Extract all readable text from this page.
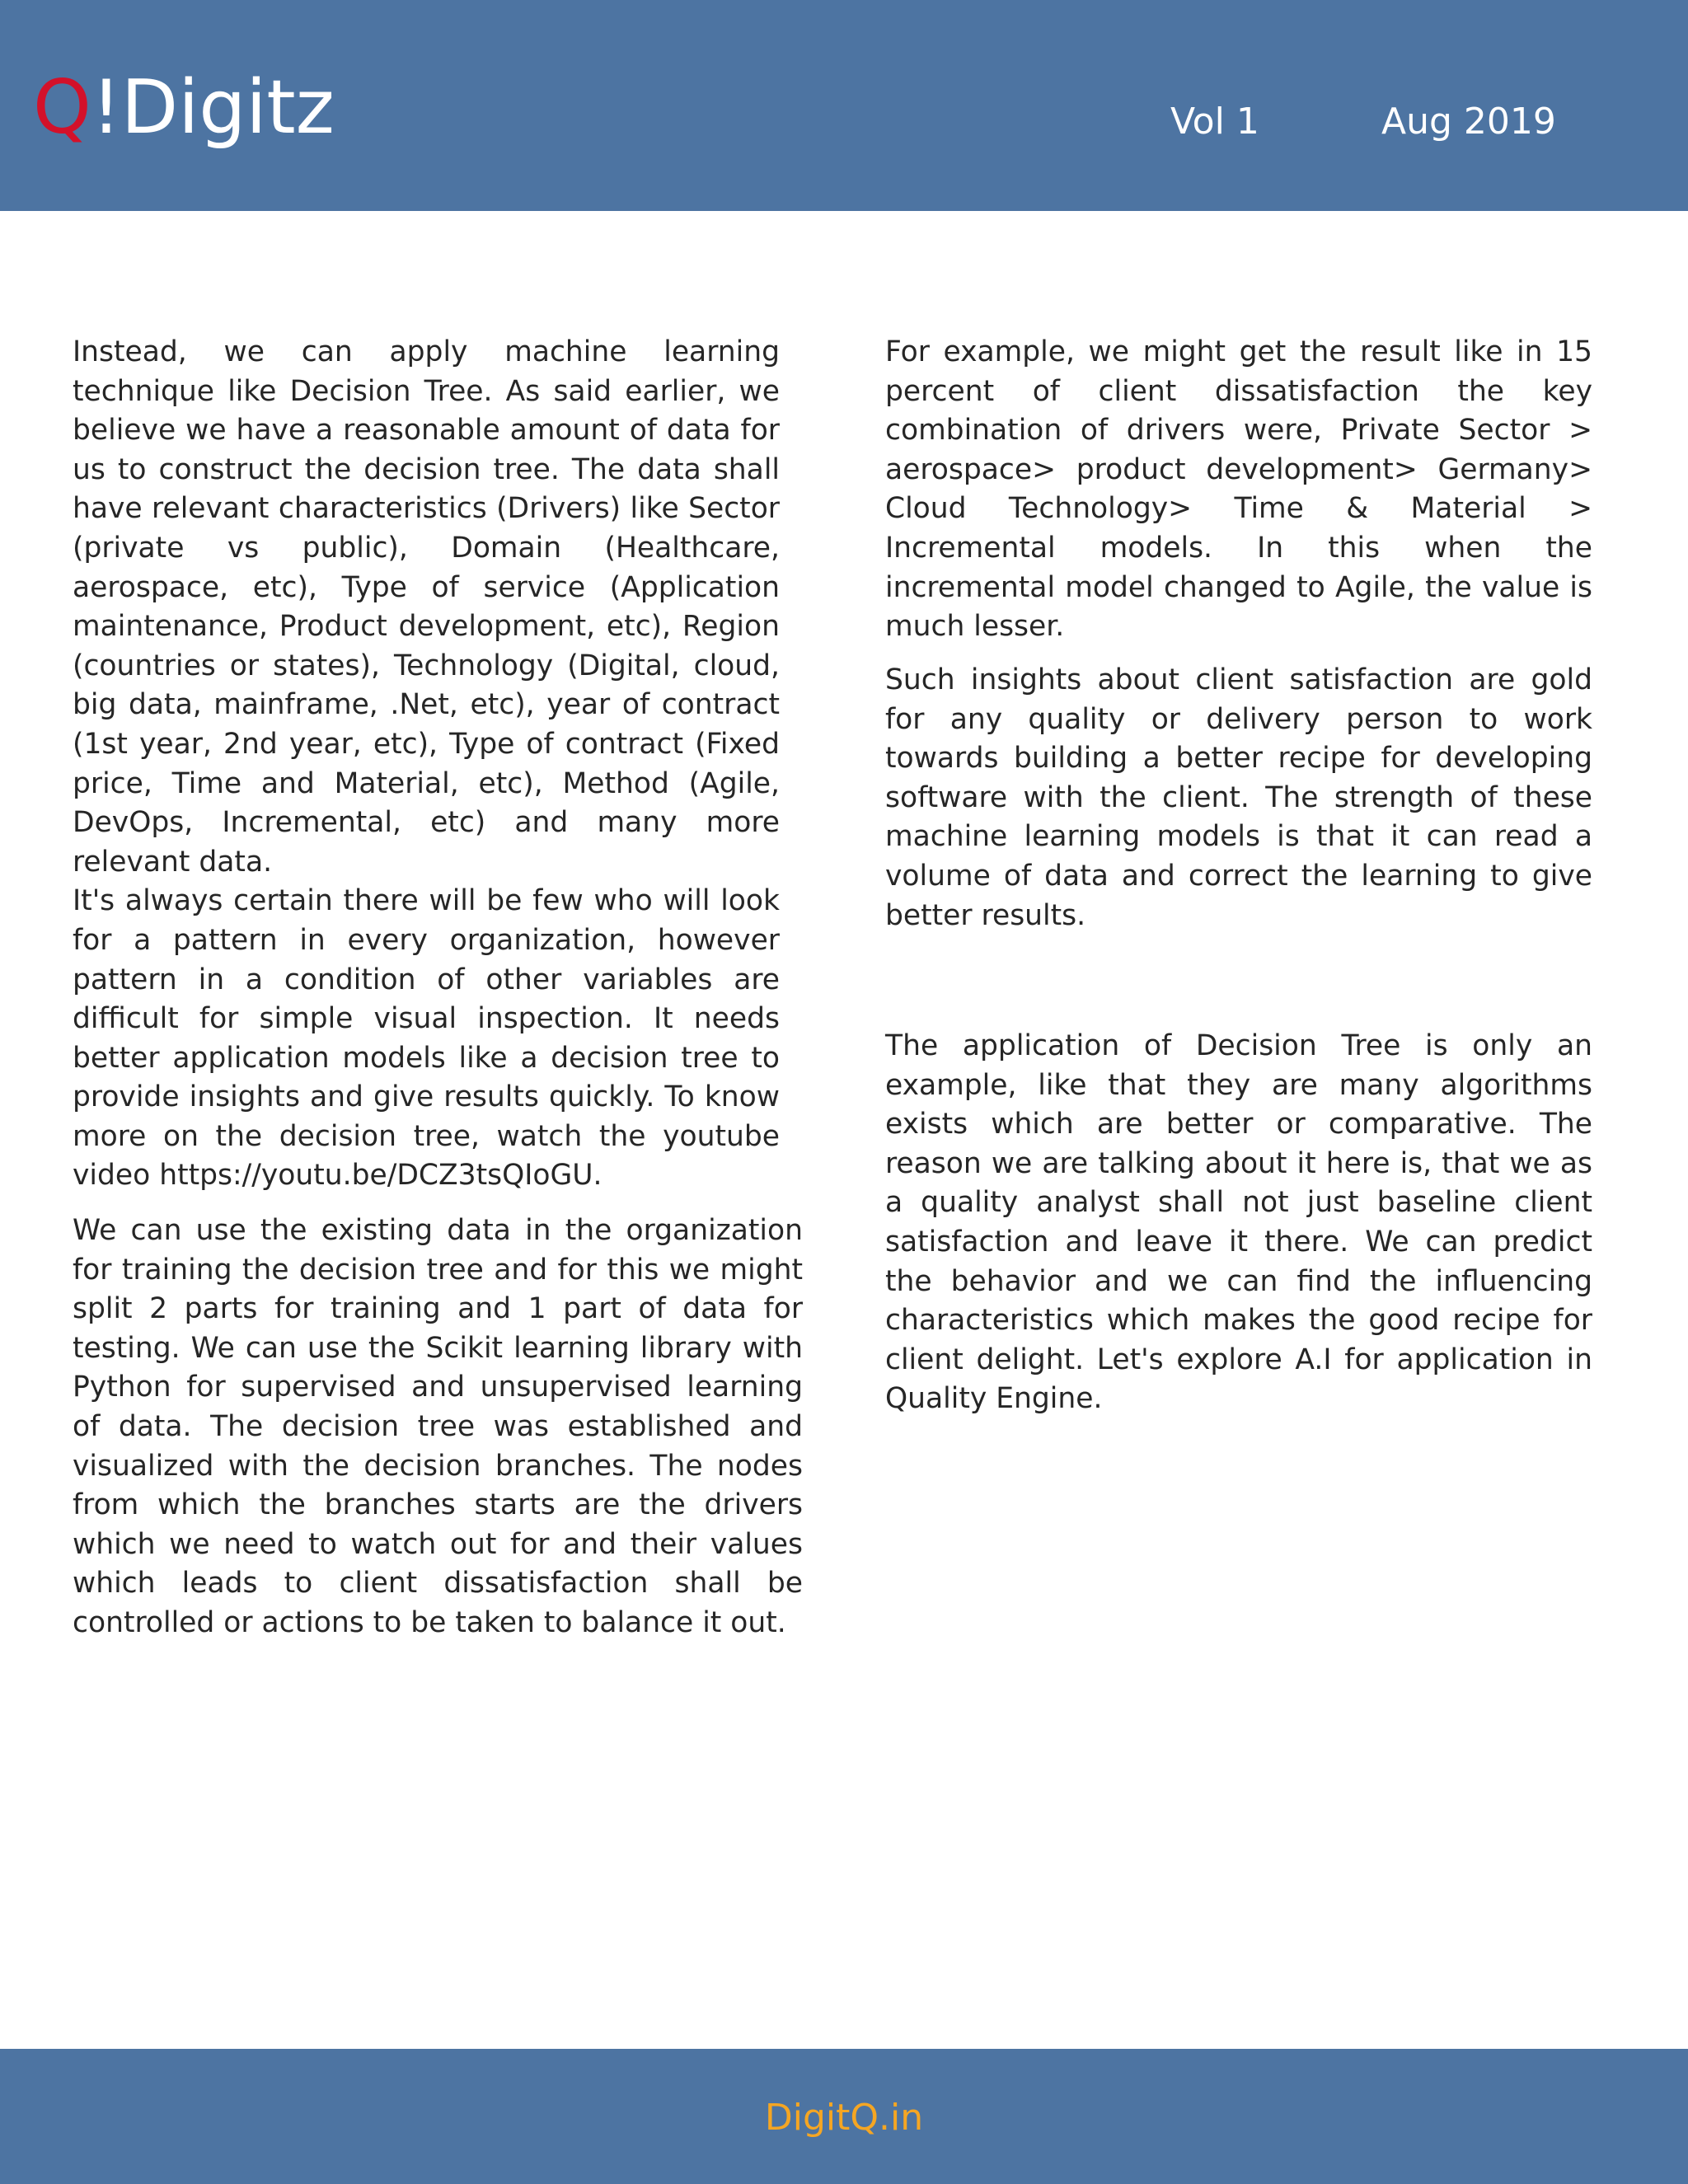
Q!Digitz	Vol 1	Aug 2019

Instead, we can apply machine learning technique like Decision Tree. As said earlier, we believe we have a reasonable amount of data for us to construct the decision tree. The data shall have relevant characteristics (Drivers) like Sector (private vs public), Domain (Healthcare, aerospace, etc), Type of service (Application maintenance, Product development, etc), Region (countries or states), Technology (Digital, cloud, big data, mainframe, .Net, etc), year of contract (1st year, 2nd year, etc), Type of contract (Fixed price, Time and Material, etc), Method (Agile, DevOps, Incremental, etc) and many more relevant data.

It's always certain there will be few who will look for a pattern in every organization, however pattern in a condition of other variables are difficult for simple visual inspection. It needs better application models like a decision tree to provide insights and give results quickly. To know more on the decision tree, watch the youtube video https://youtu.be/DCZ3tsQIoGU.

We can use the existing data in the organization for training the decision tree and for this we might split 2 parts for training and 1 part of data for testing. We can use the Scikit learning library with Python for supervised and unsupervised learning of data. The decision tree was established and visualized with the decision branches. The nodes from which the branches starts are the drivers which we need to watch out for and their values which leads to client dissatisfaction shall be controlled or actions to be taken to balance it out.

For example, we might get the result like in 15 percent of client dissatisfaction the key combination of drivers were, Private Sector > aerospace> product development> Germany> Cloud Technology> Time & Material > Incremental models. In this when the incremental model changed to Agile, the value is much lesser.

Such insights about client satisfaction are gold for any quality or delivery person to work towards building a better recipe for developing software with the client. The strength of these machine learning models is that it can read a volume of data and correct the learning to give better results.

The application of Decision Tree is only an example, like that they are many algorithms exists which are better or comparative. The reason we are talking about it here is, that we as a quality analyst shall not just baseline client satisfaction and leave it there. We can predict the behavior and we can find the influencing characteristics which makes the good recipe for client delight. Let's explore A.I for application in Quality Engine.

DigitQ.in
